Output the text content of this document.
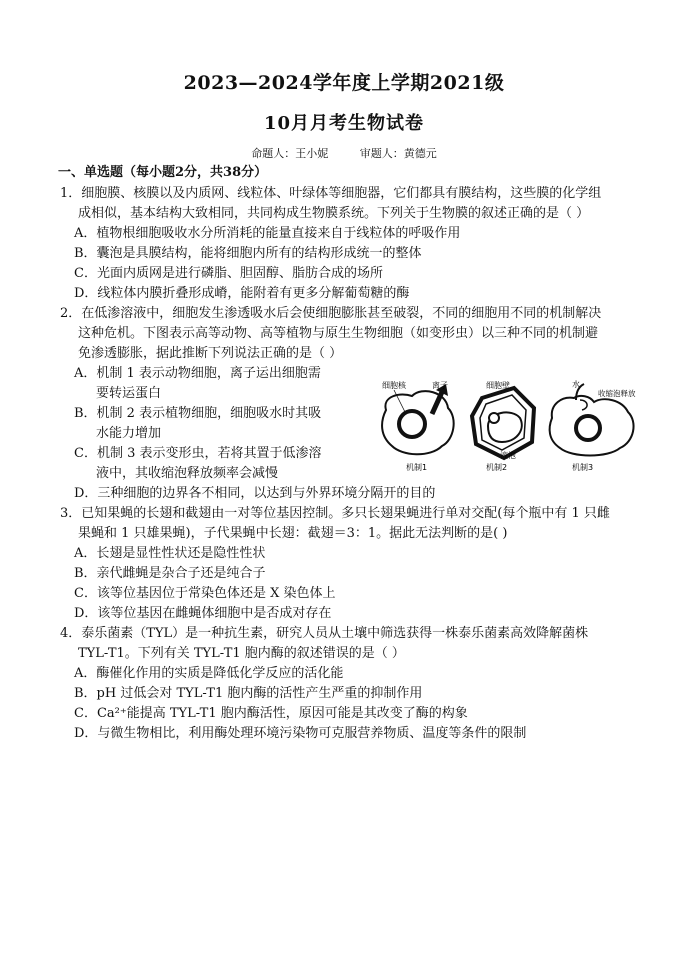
2023—2024学年度上学期2021级
10月月考生物试卷
命题人：王小妮	审题人：黄德元
一、单选题（每小题2分，共38分）
1．细胞膜、核膜以及内质网、线粒体、叶绿体等细胞器，它们都具有膜结构，这些膜的化学组
成相似，基本结构大致相同，共同构成生物膜系统。下列关于生物膜的叙述正确的是（ ）
A．植物根细胞吸收水分所消耗的能量直接来自于线粒体的呼吸作用
B．囊泡是具膜结构，能将细胞内所有的结构形成统一的整体
C．光面内质网是进行磷脂、胆固醇、脂肪合成的场所
D．线粒体内膜折叠形成嵴，能附着有更多分解葡萄糖的酶
2．在低渗溶液中，细胞发生渗透吸水后会使细胞膨胀甚至破裂，不同的细胞用不同的机制解决
这种危机。下图表示高等动物、高等植物与原生生物细胞（如变形虫）以三种不同的机制避
免渗透膨胀，据此推断下列说法正确的是（ ）
A．机制 1 表示动物细胞，离子运出细胞需
要转运蛋白
B．机制 2 表示植物细胞，细胞吸水时其吸
水能力增加
C．机制 3 表示变形虫，若将其置于低渗溶
液中，其收缩泡释放频率会减慢
D．三种细胞的边界各不相同，以达到与外界环境分隔开的目的
细胞核	离子	细胞壁
液泡
水
收缩泡释放
机制1	机制2	机制3
3．已知果蝇的长翅和截翅由一对等位基因控制。多只长翅果蝇进行单对交配(每个瓶中有 1 只雌
果蝇和 1 只雄果蝇)，子代果蝇中长翅：截翅＝3：1。据此无法判断的是( )
A．长翅是显性性状还是隐性性状
B．亲代雌蝇是杂合子还是纯合子
C．该等位基因位于常染色体还是 X 染色体上
D．该等位基因在雌蝇体细胞中是否成对存在
4．泰乐菌素（TYL）是一种抗生素，研究人员从土壤中筛选获得一株泰乐菌素高效降解菌株
TYL-T1。下列有关 TYL-T1 胞内酶的叙述错误的是（ ）
A．酶催化作用的实质是降低化学反应的活化能
B．pH 过低会对 TYL-T1 胞内酶的活性产生严重的抑制作用
C．Ca²⁺能提高 TYL-T1 胞内酶活性，原因可能是其改变了酶的构象
D．与微生物相比，利用酶处理环境污染物可克服营养物质、温度等条件的限制
